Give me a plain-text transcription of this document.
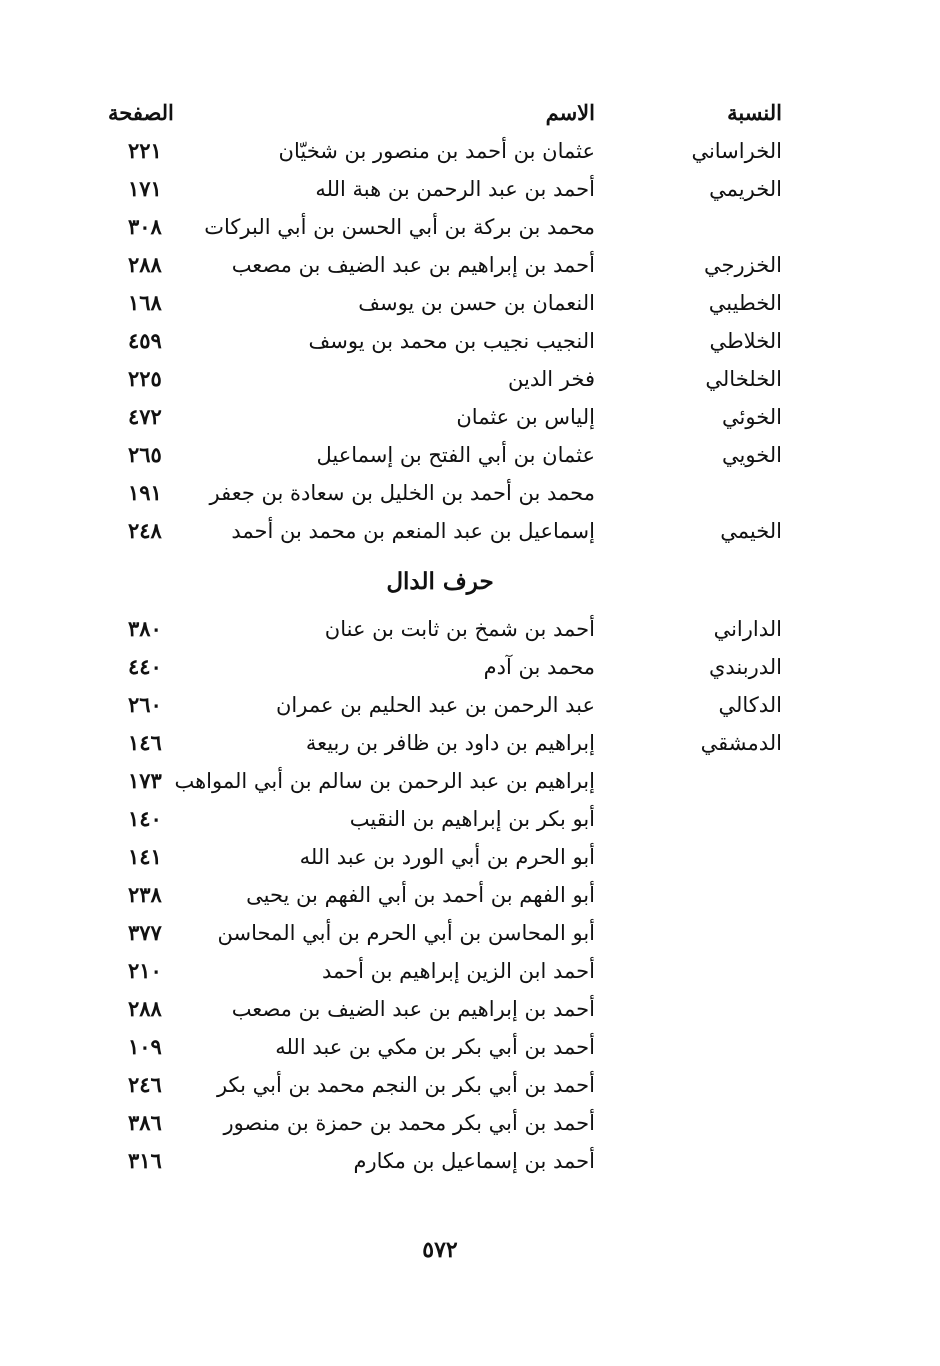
النسبة
الاسم
الصفحة
الخراساني
عثمان بن أحمد بن منصور بن شخيّان
٢٢١
الخريمي
أحمد بن عبد الرحمن بن هبة الله
١٧١
محمد بن بركة بن أبي الحسن بن أبي البركات
٣٠٨
الخزرجي
أحمد بن إبراهيم بن عبد الضيف بن مصعب
٢٨٨
الخطيبي
النعمان بن حسن بن يوسف
١٦٨
الخلاطي
النجيب نجيب بن محمد بن يوسف
٤٥٩
الخلخالي
فخر الدين
٢٢٥
الخوئي
إلياس بن عثمان
٤٧٢
الخويي
عثمان بن أبي الفتح بن إسماعيل
٢٦٥
محمد بن أحمد بن الخليل بن سعادة بن جعفر
١٩١
الخيمي
إسماعيل بن عبد المنعم بن محمد بن أحمد
٢٤٨
حرف الدال
الداراني
أحمد بن شمخ بن ثابت بن عنان
٣٨٠
الدربندي
محمد بن آدم
٤٤٠
الدكالي
عبد الرحمن بن عبد الحليم بن عمران
٢٦٠
الدمشقي
إبراهيم بن داود بن ظافر بن ربيعة
١٤٦
إبراهيم بن عبد الرحمن بن سالم بن أبي المواهب
١٧٣
أبو بكر بن إبراهيم بن النقيب
١٤٠
أبو الحرم بن أبي الورد بن عبد الله
١٤١
أبو الفهم بن أحمد بن أبي الفهم بن يحيى
٢٣٨
أبو المحاسن بن أبي الحرم بن أبي المحاسن
٣٧٧
أحمد ابن الزين إبراهيم بن أحمد
٢١٠
أحمد بن إبراهيم بن عبد الضيف بن مصعب
٢٨٨
أحمد بن أبي بكر بن مكي بن عبد الله
١٠٩
أحمد بن أبي بكر بن النجم محمد بن أبي بكر
٢٤٦
أحمد بن أبي بكر محمد بن حمزة بن منصور
٣٨٦
أحمد بن إسماعيل بن مكارم
٣١٦
٥٧٢
